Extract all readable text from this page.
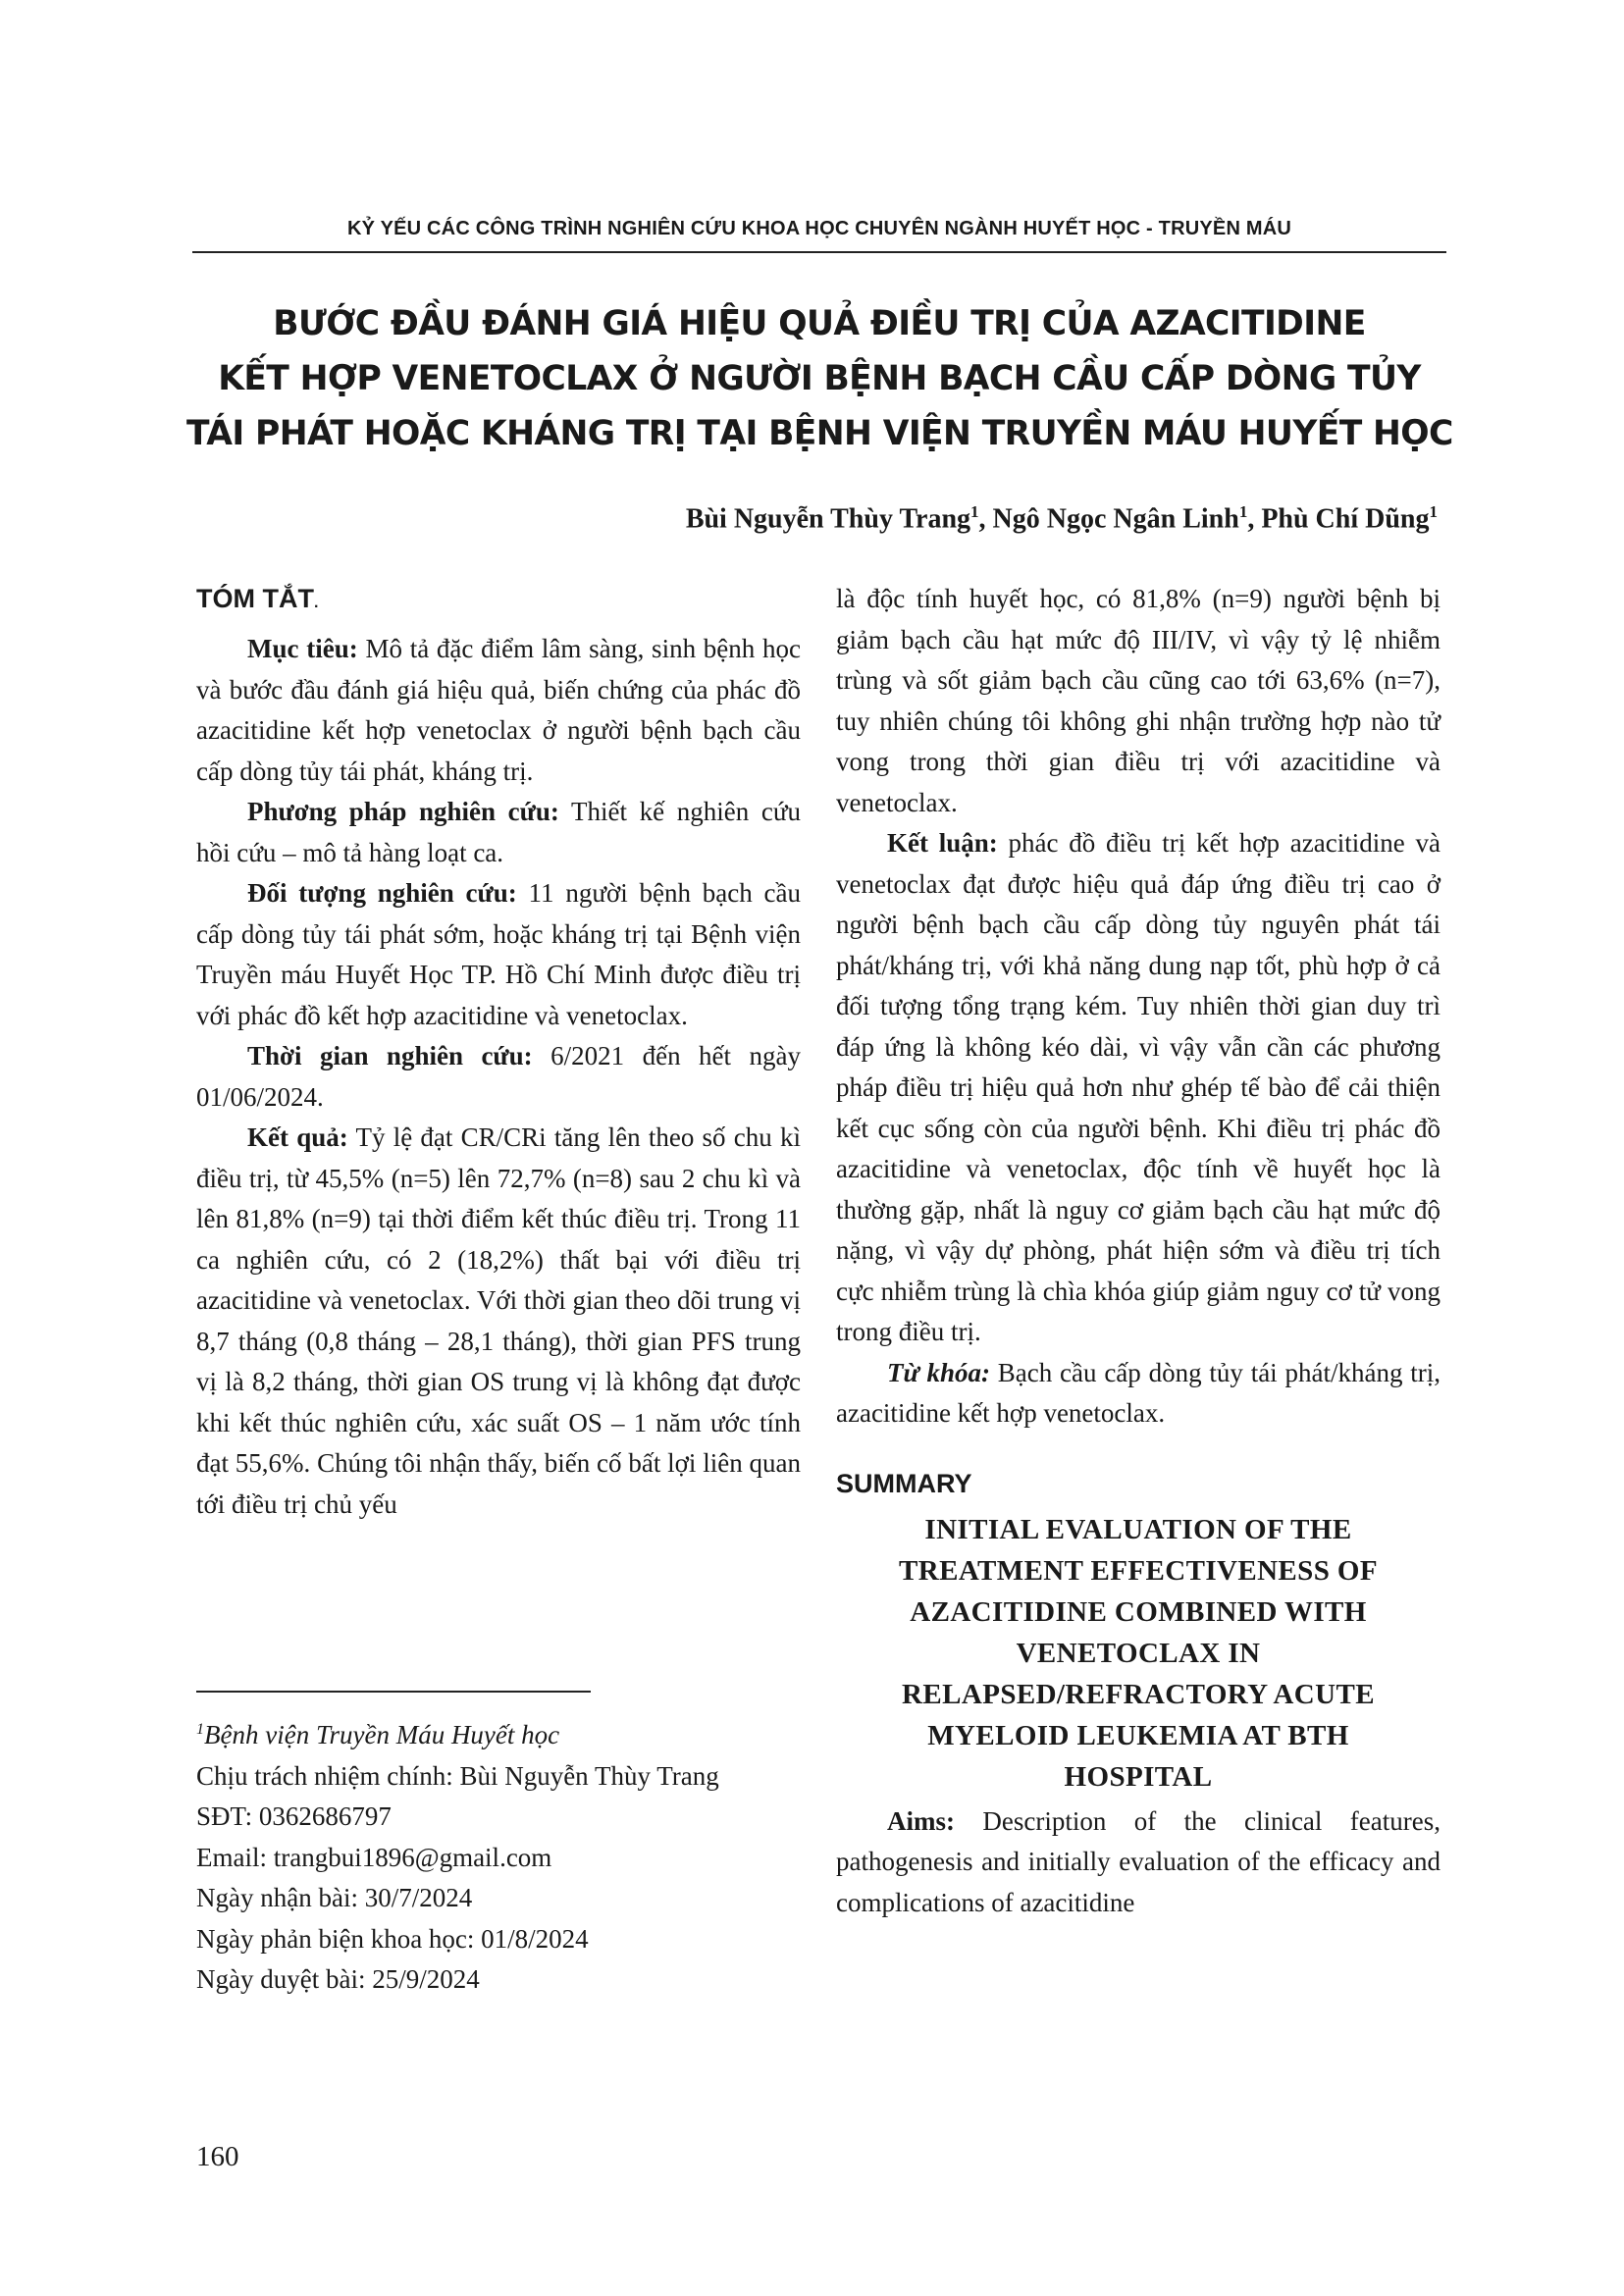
KỶ YẾU CÁC CÔNG TRÌNH NGHIÊN CỨU KHOA HỌC CHUYÊN NGÀNH HUYẾT HỌC - TRUYỀN MÁU
BƯỚC ĐẦU ĐÁNH GIÁ HIỆU QUẢ ĐIỀU TRỊ CỦA AZACITIDINE
KẾT HỢP VENETOCLAX Ở NGƯỜI BỆNH BẠCH CẦU CẤP DÒNG TỦY
TÁI PHÁT HOẶC KHÁNG TRỊ TẠI BỆNH VIỆN TRUYỀN MÁU HUYẾT HỌC
Bùi Nguyễn Thùy Trang$^1$, Ngô Ngọc Ngân Linh$^1$, Phù Chí Dũng$^1$
TÓM TẮT.

Mục tiêu: Mô tả đặc điểm lâm sàng, sinh bệnh học và bước đầu đánh giá hiệu quả, biến chứng của phác đồ azacitidine kết hợp venetoclax ở người bệnh bạch cầu cấp dòng tủy tái phát, kháng trị.

Phương pháp nghiên cứu: Thiết kế nghiên cứu hồi cứu – mô tả hàng loạt ca.

Đối tượng nghiên cứu: 11 người bệnh bạch cầu cấp dòng tủy tái phát sớm, hoặc kháng trị tại Bệnh viện Truyền máu Huyết Học TP. Hồ Chí Minh được điều trị với phác đồ kết hợp azacitidine và venetoclax.

Thời gian nghiên cứu: 6/2021 đến hết ngày 01/06/2024.

Kết quả: Tỷ lệ đạt CR/CRi tăng lên theo số chu kì điều trị, từ 45,5% (n=5) lên 72,7% (n=8) sau 2 chu kì và lên 81,8% (n=9) tại thời điểm kết thúc điều trị. Trong 11 ca nghiên cứu, có 2 (18,2%) thất bại với điều trị azacitidine và venetoclax. Với thời gian theo dõi trung vị 8,7 tháng (0,8 tháng – 28,1 tháng), thời gian PFS trung vị là 8,2 tháng, thời gian OS trung vị là không đạt được khi kết thúc nghiên cứu, xác suất OS – 1 năm ước tính đạt 55,6%. Chúng tôi nhận thấy, biến cố bất lợi liên quan tới điều trị chủ yếu

là độc tính huyết học, có 81,8% (n=9) người bệnh bị giảm bạch cầu hạt mức độ III/IV, vì vậy tỷ lệ nhiễm trùng và sốt giảm bạch cầu cũng cao tới 63,6% (n=7), tuy nhiên chúng tôi không ghi nhận trường hợp nào tử vong trong thời gian điều trị với azacitidine và venetoclax.

Kết luận: phác đồ điều trị kết hợp azacitidine và venetoclax đạt được hiệu quả đáp ứng điều trị cao ở người bệnh bạch cầu cấp dòng tủy nguyên phát tái phát/kháng trị, với khả năng dung nạp tốt, phù hợp ở cả đối tượng tổng trạng kém. Tuy nhiên thời gian duy trì đáp ứng là không kéo dài, vì vậy vẫn cần các phương pháp điều trị hiệu quả hơn như ghép tế bào để cải thiện kết cục sống còn của người bệnh. Khi điều trị phác đồ azacitidine và venetoclax, độc tính về huyết học là thường gặp, nhất là nguy cơ giảm bạch cầu hạt mức độ nặng, vì vậy dự phòng, phát hiện sớm và điều trị tích cực nhiễm trùng là chìa khóa giúp giảm nguy cơ tử vong trong điều trị.

Từ khóa: Bạch cầu cấp dòng tủy tái phát/kháng trị, azacitidine kết hợp venetoclax.

SUMMARY
INITIAL EVALUATION OF THE
TREATMENT EFFECTIVENESS OF
AZACITIDINE COMBINED WITH
VENETOCLAX IN
RELAPSED/REFRACTORY ACUTE
MYELOID LEUKEMIA AT BTH
HOSPITAL

Aims: Description of the clinical features, pathogenesis and initially evaluation of the efficacy and complications of azacitidine

$^1$Bệnh viện Truyền Máu Huyết học
Chịu trách nhiệm chính: Bùi Nguyễn Thùy Trang
SĐT: 0362686797
Email: trangbui1896@gmail.com
Ngày nhận bài: 30/7/2024
Ngày phản biện khoa học: 01/8/2024
Ngày duyệt bài: 25/9/2024
160
